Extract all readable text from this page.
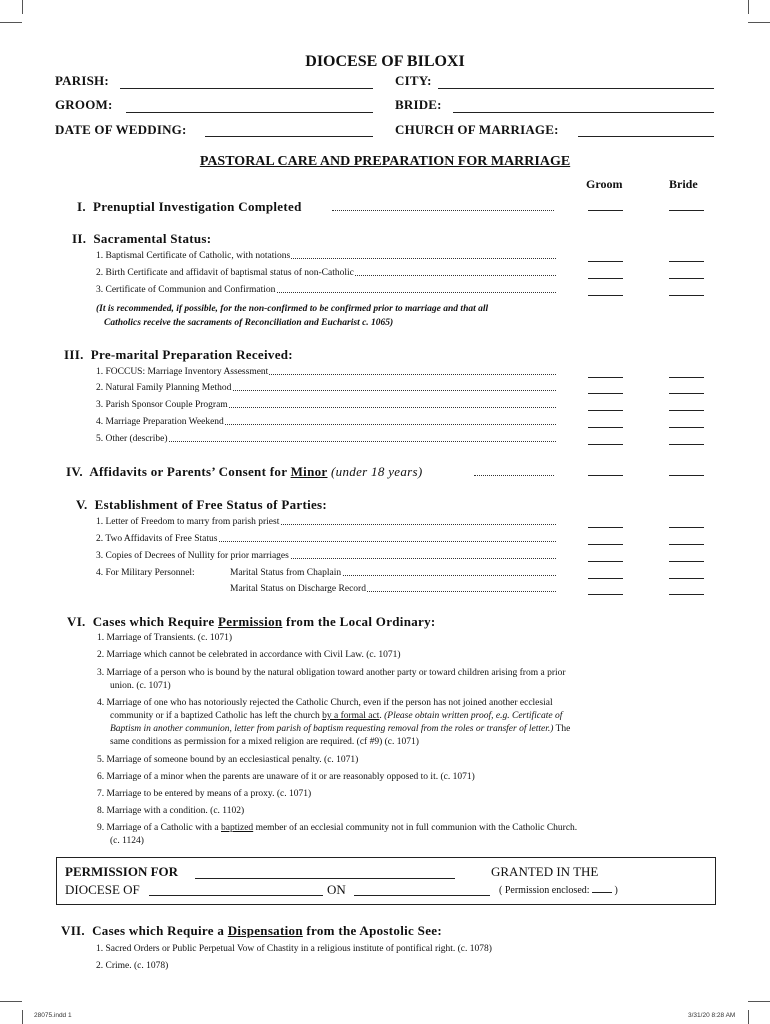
DIOCESE OF BILOXI
PARISH:	CITY:
GROOM:	BRIDE:
DATE OF WEDDING:	CHURCH OF MARRIAGE:
PASTORAL CARE AND PREPARATION FOR MARRIAGE
Groom	Bride
I. Prenuptial Investigation Completed
II. Sacramental Status:
1. Baptismal Certificate of Catholic, with notations
2. Birth Certificate and affidavit of baptismal status of non-Catholic
3. Certificate of Communion and Confirmation
(It is recommended, if possible, for the non-confirmed to be confirmed prior to marriage and that all
Catholics receive the sacraments of Reconciliation and Eucharist c. 1065)
III. Pre-marital Preparation Received:
1. FOCCUS: Marriage Inventory Assessment
2. Natural Family Planning Method
3. Parish Sponsor Couple Program
4. Marriage Preparation Weekend
5. Other (describe)
IV. Affidavits or Parents’ Consent for Minor (under 18 years)
V. Establishment of Free Status of Parties:
1. Letter of Freedom to marry from parish priest
2. Two Affidavits of Free Status
3. Copies of Decrees of Nullity for prior marriages
4. For Military Personnel:	Marital Status from Chaplain
Marital Status on Discharge Record
VI. Cases which Require Permission from the Local Ordinary:
1. Marriage of Transients. (c. 1071)
2. Marriage which cannot be celebrated in accordance with Civil Law. (c. 1071)
3. Marriage of a person who is bound by the natural obligation toward another party or toward children arising from a prior
union. (c. 1071)
4. Marriage of one who has notoriously rejected the Catholic Church, even if the person has not joined another ecclesial
community or if a baptized Catholic has left the church by a formal act. (Please obtain written proof, e.g. Certificate of
Baptism in another communion, letter from parish of baptism requesting removal from the roles or transfer of letter.) The
same conditions as permission for a mixed religion are required. (cf #9) (c. 1071)
5. Marriage of someone bound by an ecclesiastical penalty. (c. 1071)
6. Marriage of a minor when the parents are unaware of it or are reasonably opposed to it. (c. 1071)
7. Marriage to be entered by means of a proxy. (c. 1071)
8. Marriage with a condition. (c. 1102)
9. Marriage of a Catholic with a baptized member of an ecclesial community not in full communion with the Catholic Church.
(c. 1124)
PERMISSION FOR	GRANTED IN THE
DIOCESE OF	ON	( Permission enclosed:	)
VII. Cases which Require a Dispensation from the Apostolic See:
1. Sacred Orders or Public Perpetual Vow of Chastity in a religious institute of pontifical right. (c. 1078)
2. Crime. (c. 1078)
28075.indd 1	3/31/20 8:28 AM
